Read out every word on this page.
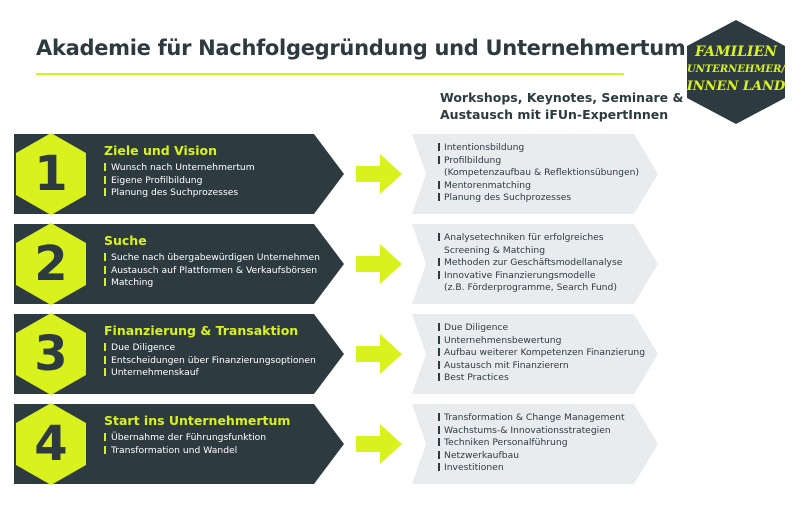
Akademie für Nachfolgegründung und Unternehmertum FAMILIEN
UNTERNEHMER/
INNEN LAND
Workshops, Keynotes, Seminare &
Austausch mit iFUn-ExpertInnen
1	Ziele und Vision
Wunsch nach Unternehmertum
Eigene Profilbildung
Planung des Suchprozesses
Intentionsbildung
Profilbildung
(Kompetenzaufbau & Reflektionsübungen)
Mentorenmatching
Planung des Suchprozesses
2	Suche
Suche nach übergabewürdigen Unternehmen
Austausch auf Plattformen & Verkaufsbörsen
Matching
Analysetechniken für erfolgreiches
Screening & Matching
Methoden zur Geschäftsmodellanalyse
Innovative Finanzierungsmodelle
(z.B. Förderprogramme, Search Fund)
3	Finanzierung & Transaktion
Due Diligence
Entscheidungen über Finanzierungsoptionen
Unternehmenskauf
Due Diligence
Unternehmensbewertung
Aufbau weiterer Kompetenzen Finanzierung
Austausch mit Finanzierern
Best Practices
4	Start ins Unternehmertum
Übernahme der Führungsfunktion
Transformation und Wandel
Transformation & Change Management
Wachstums-& Innovationsstrategien
Techniken Personalführung
Netzwerkaufbau
Investitionen
